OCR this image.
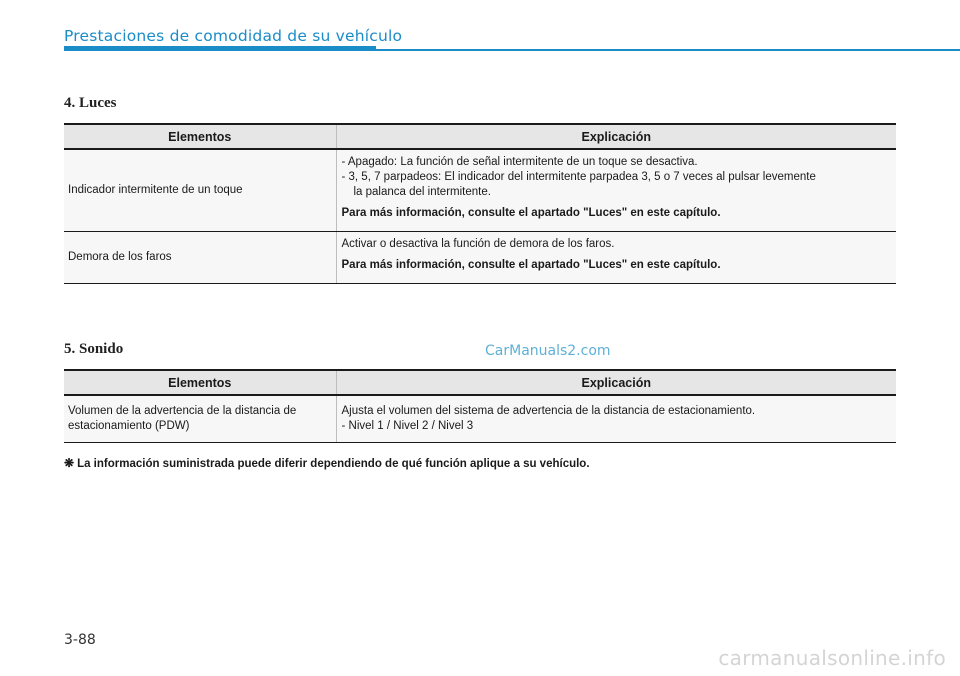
Prestaciones de comodidad de su vehículo
4. Luces
Elementos	Explicación
Indicador intermitente de un toque	- Apagado: La función de señal intermitente de un toque se desactiva.
- 3, 5, 7 parpadeos: El indicador del intermitente parpadea 3, 5 o 7 veces al pulsar levemente
la palanca del intermitente.
Para más información, consulte el apartado "Luces" en este capítulo.

Demora de los faros	Activar o desactiva la función de demora de los faros.
Para más información, consulte el apartado "Luces" en este capítulo.
5. Sonido	CarManuals2.com
Elementos	Explicación

Volumen de la advertencia de la distancia de
estacionamiento (PDW)	Ajusta el volumen del sistema de advertencia de la distancia de estacionamiento.
- Nivel 1 / Nivel 2 / Nivel 3
❋ La información suministrada puede diferir dependiendo de qué función aplique a su vehículo.
3-88
carmanualsonline.info
